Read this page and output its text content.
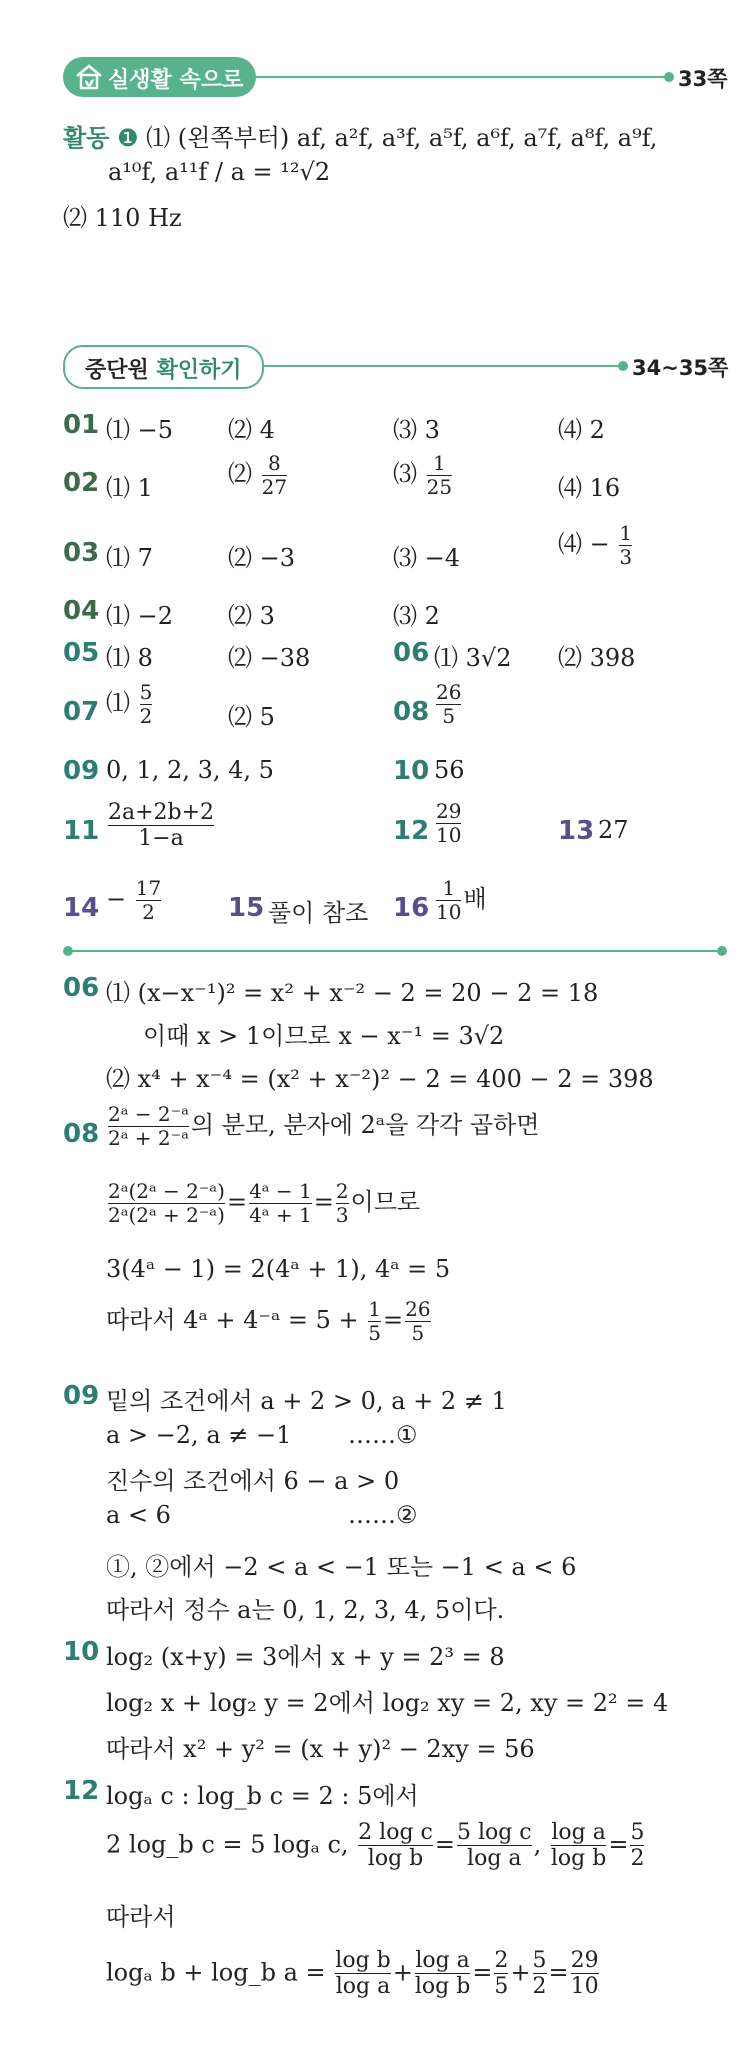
실생활 속으로	33쪽
활동 ❶ ⑴ (왼쪽부터) af, a²f, a³f, a⁵f, a⁶f, a⁷f, a⁸f, a⁹f,
a¹⁰f, a¹¹f / a = ¹²√2
⑵ 110 Hz
중단원 확인하기	34~35쪽
01 ⑴ −5 ⑵ 4	⑶ 3	⑷ 2
02 ⑴ 1	⑵ $\frac{8}{27}$	⑶ $\frac{1}{25}$	⑷ 16
03 ⑴ 7	⑵ −3	⑶ −4	⑷ − $\frac{1}{3}$
04 ⑴ −2 ⑵ 3	⑶ 2
05 ⑴ 8	⑵ −38	06 ⑴ 3√2 ⑵ 398
07 ⑴ $\frac{5}{2}$	⑵ 5	$08 \frac{26}{5}$
09 0, 1, 2, 3, 4, 5	10 56
$11 \frac{2a+2b+2}{1-a}$	$12 \frac{29}{10}$	13 27
$14 - \frac{17}{2}$	15 풀이 참조 $16 \frac{1}{10}$ 배
06 ⑴ (x−x⁻¹)² = x² + x⁻² − 2 = 20 − 2 = 18
이때 x > 1이므로 x − x⁻¹ = 3√2
⑵ x⁴ + x⁻⁴ = (x² + x⁻²)² − 2 = 400 − 2 = 398
$08 \frac{\text{2ᵃ − 2⁻ᵃ}}{\text{2ᵃ + 2⁻ᵃ}}$ 의 분모, 분자에 2ᵃ을 각각 곱하면
$\frac{\text{2ᵃ(2ᵃ − 2⁻ᵃ)}}{\text{2ᵃ(2ᵃ + 2⁻ᵃ)}} = \frac{\text{4ᵃ − 1}}{\text{4ᵃ + 1}} = \frac{2}{3}$ 이므로
3(4ᵃ − 1) = 2(4ᵃ + 1), 4ᵃ = 5
따라서 4ᵃ + 4⁻ᵃ = $5 + \frac{1}{5} = \frac{26}{5}$
09 밑의 조건에서 a + 2 > 0, a + 2 ≠ 1
a > −2, a ≠ −1 ……①
진수의 조건에서 6 − a > 0
a < 6	……②
①, ②에서 −2 < a < −1 또는 −1 < a < 6
따라서 정수 a는 0, 1, 2, 3, 4, 5이다.
10 log₂ (x+y) = 3에서 x + y = 2³ = 8
log₂ x + log₂ y = 2에서 log₂ xy = 2, xy = 2² = 4
따라서 x² + y² = (x + y)² − 2xy = 56
12 logₐ c : log_b c = 2 : 5에서
2 log_b c = 5 logₐ c, $\frac{\text{2 log c}}{\text{log b}} = \frac{\text{5 log c}}{\text{log a}}$ , $\frac{\text{log a}}{\text{log b}} = \frac{5}{2}$
따라서
logₐ b + log_b $a = \frac{\text{log b}}{\text{log a}} + \frac{\text{log a}}{\text{log b}} = \frac{2}{5} + \frac{5}{2} = \frac{29}{10}$
